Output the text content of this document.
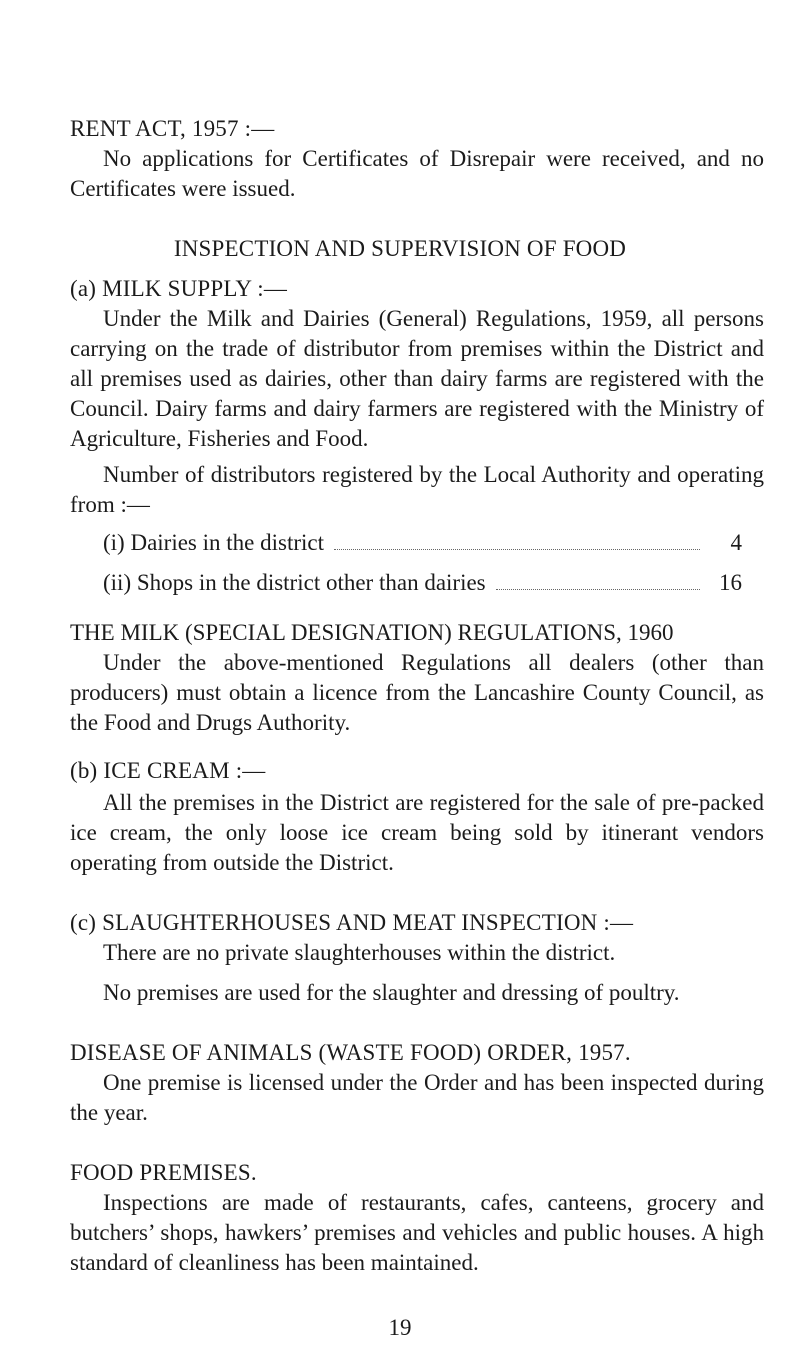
RENT ACT, 1957 :—

No applications for Certificates of Disrepair were received, and no Certificates were issued.

INSPECTION AND SUPERVISION OF FOOD
(a) MILK SUPPLY :—

Under the Milk and Dairies (General) Regulations, 1959, all persons carrying on the trade of distributor from premises within the District and all premises used as dairies, other than dairy farms are registered with the Council. Dairy farms and dairy farmers are registered with the Ministry of Agriculture, Fisheries and Food.

Number of distributors registered by the Local Authority and operating from :—

(i) Dairies in the district	4
(ii) Shops in the district other than dairies	16
THE MILK (SPECIAL DESIGNATION) REGULATIONS, 1960

Under the above-mentioned Regulations all dealers (other than producers) must obtain a licence from the Lancashire County Council, as the Food and Drugs Authority.

(b) ICE CREAM :—

All the premises in the District are registered for the sale of pre-packed ice cream, the only loose ice cream being sold by itinerant vendors operating from outside the District.

(c) SLAUGHTERHOUSES AND MEAT INSPECTION :—

There are no private slaughterhouses within the district.

No premises are used for the slaughter and dressing of poultry.

DISEASE OF ANIMALS (WASTE FOOD) ORDER, 1957.

One premise is licensed under the Order and has been inspected during the year.

FOOD PREMISES.

Inspections are made of restaurants, cafes, canteens, grocery and butchers’ shops, hawkers’ premises and vehicles and public houses. A high standard of cleanliness has been maintained.

19
